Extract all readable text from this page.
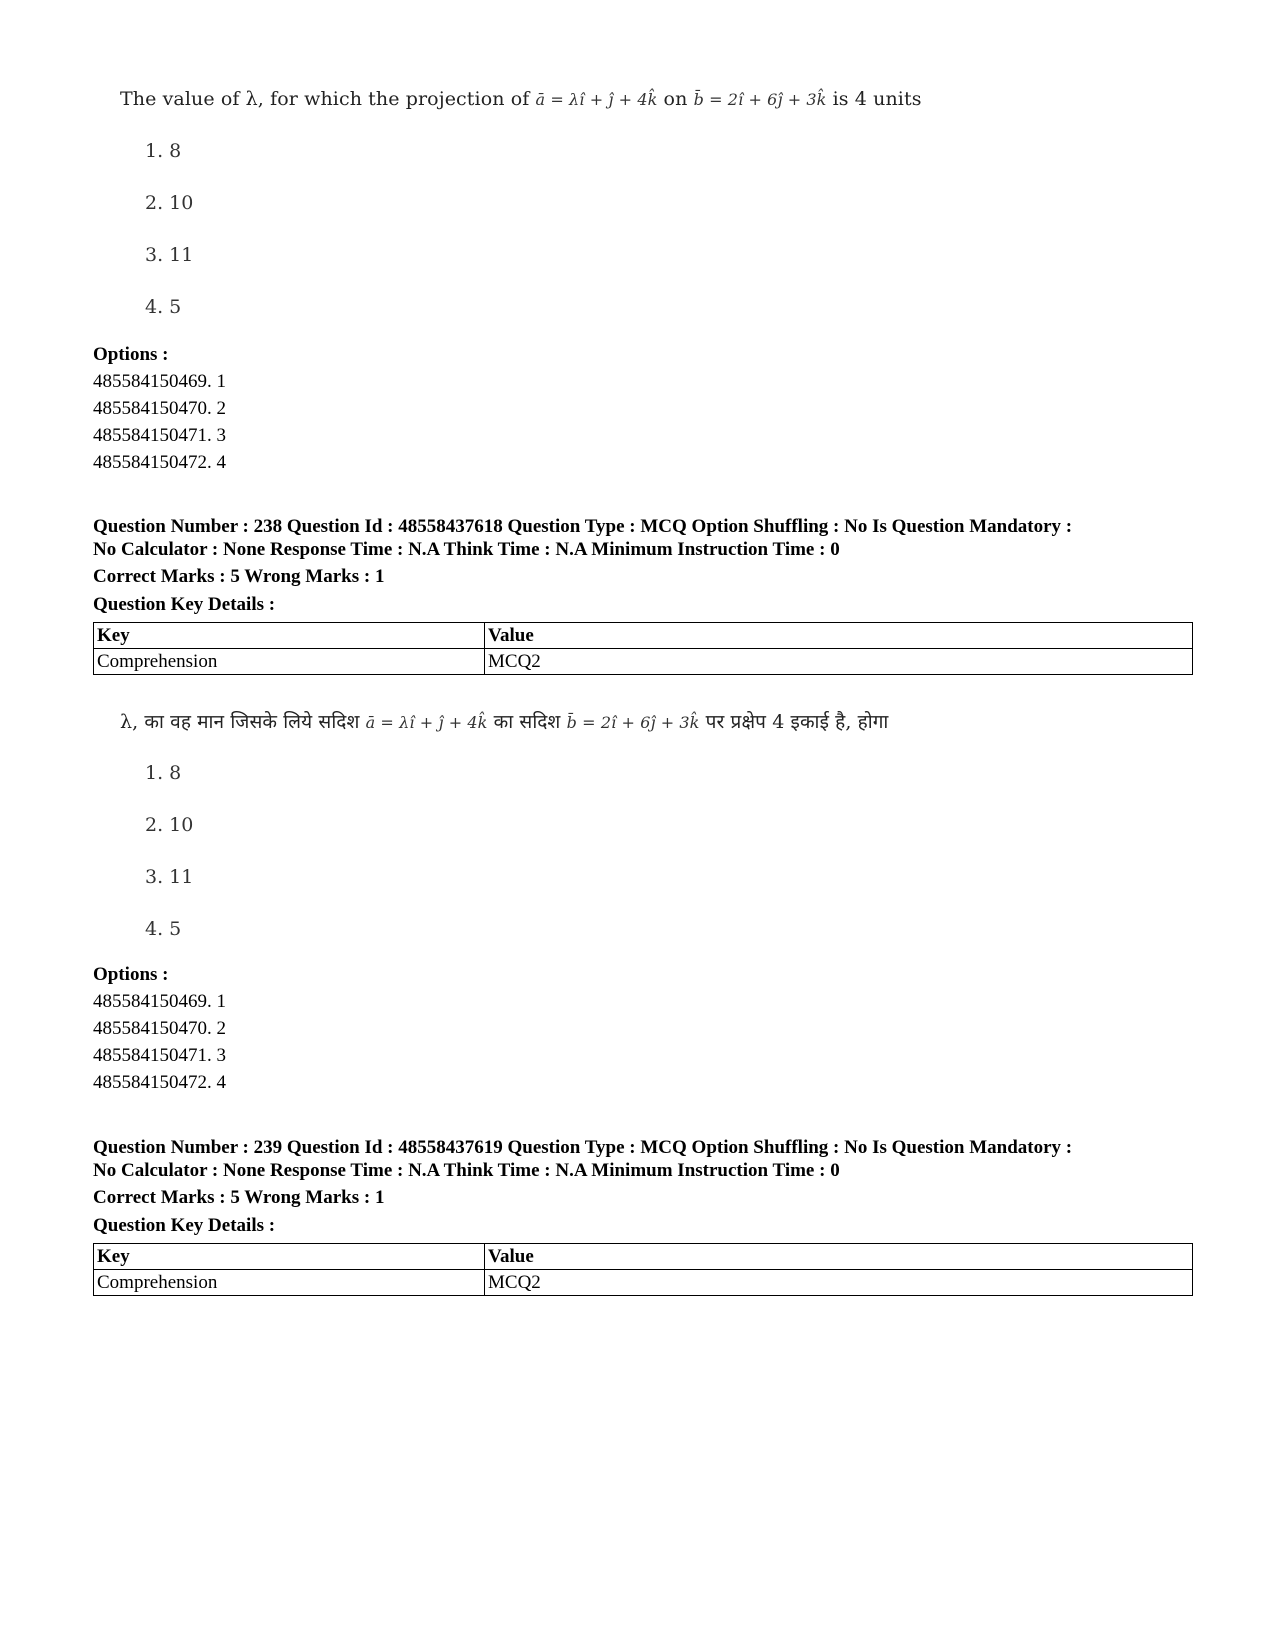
The value of λ, for which the projection of ā = λî + ĵ + 4k̂ on b̄ = 2î + 6ĵ + 3k̂ is 4 units
1. 8
2. 10
3. 11
4. 5
Options :
485584150469. 1
485584150470. 2
485584150471. 3
485584150472. 4
Question Number : 238 Question Id : 48558437618 Question Type : MCQ Option Shuffling : No Is Question Mandatory :
No Calculator : None Response Time : N.A Think Time : N.A Minimum Instruction Time : 0
Correct Marks : 5 Wrong Marks : 1
Question Key Details :
Key	Value
Comprehension	MCQ2
λ, का वह मान जिसके लिये सदिश ā = λî + ĵ + 4k̂ का सदिश b̄ = 2î + 6ĵ + 3k̂ पर प्रक्षेप 4 इकाई है, होगा
1. 8
2. 10
3. 11
4. 5
Options :
485584150469. 1
485584150470. 2
485584150471. 3
485584150472. 4
Question Number : 239 Question Id : 48558437619 Question Type : MCQ Option Shuffling : No Is Question Mandatory :
No Calculator : None Response Time : N.A Think Time : N.A Minimum Instruction Time : 0
Correct Marks : 5 Wrong Marks : 1
Question Key Details :
Key	Value
Comprehension	MCQ2
